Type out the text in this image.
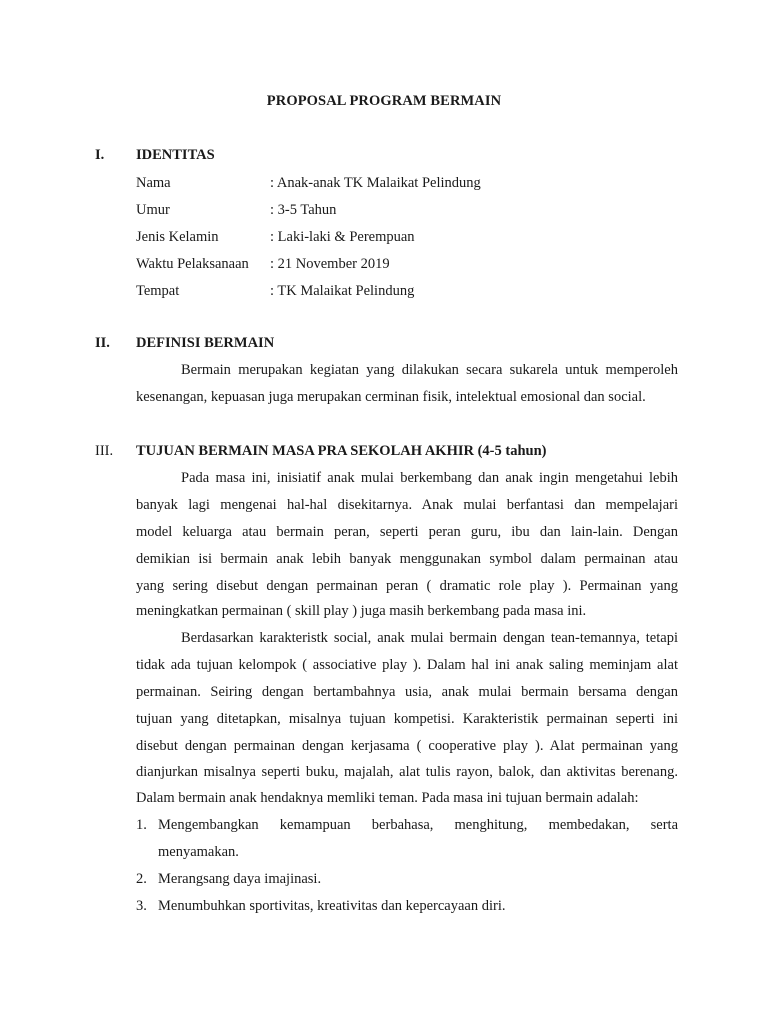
PROPOSAL PROGRAM BERMAIN
I. IDENTITAS
Nama	: Anak-anak TK Malaikat Pelindung
Umur	: 3-5 Tahun
Jenis Kelamin	: Laki-laki & Perempuan
Waktu Pelaksanaan : 21 November 2019
Tempat	: TK Malaikat Pelindung
II. DEFINISI BERMAIN
Bermain merupakan kegiatan yang dilakukan secara sukarela untuk memperoleh
kesenangan, kepuasan juga merupakan cerminan fisik, intelektual emosional dan social.
III. TUJUAN BERMAIN MASA PRA SEKOLAH AKHIR (4-5 tahun)
Pada masa ini, inisiatif anak mulai berkembang dan anak ingin mengetahui lebih
banyak lagi mengenai hal-hal disekitarnya. Anak mulai berfantasi dan mempelajari
model keluarga atau bermain peran, seperti peran guru, ibu dan lain-lain. Dengan
demikian isi bermain anak lebih banyak menggunakan symbol dalam permainan atau
yang sering disebut dengan permainan peran ( dramatic role play ). Permainan yang
meningkatkan permainan ( skill play ) juga masih berkembang pada masa ini.
Berdasarkan karakteristk social, anak mulai bermain dengan tean-temannya, tetapi
tidak ada tujuan kelompok ( associative play ). Dalam hal ini anak saling meminjam alat
permainan. Seiring dengan bertambahnya usia, anak mulai bermain bersama dengan
tujuan yang ditetapkan, misalnya tujuan kompetisi. Karakteristik permainan seperti ini
disebut dengan permainan dengan kerjasama ( cooperative play ). Alat permainan yang
dianjurkan misalnya seperti buku, majalah, alat tulis rayon, balok, dan aktivitas berenang.
Dalam bermain anak hendaknya memliki teman. Pada masa ini tujuan bermain adalah:
1. Mengembangkan kemampuan berbahasa, menghitung, membedakan, serta
menyamakan.
2. Merangsang daya imajinasi.
3. Menumbuhkan sportivitas, kreativitas dan kepercayaan diri.
